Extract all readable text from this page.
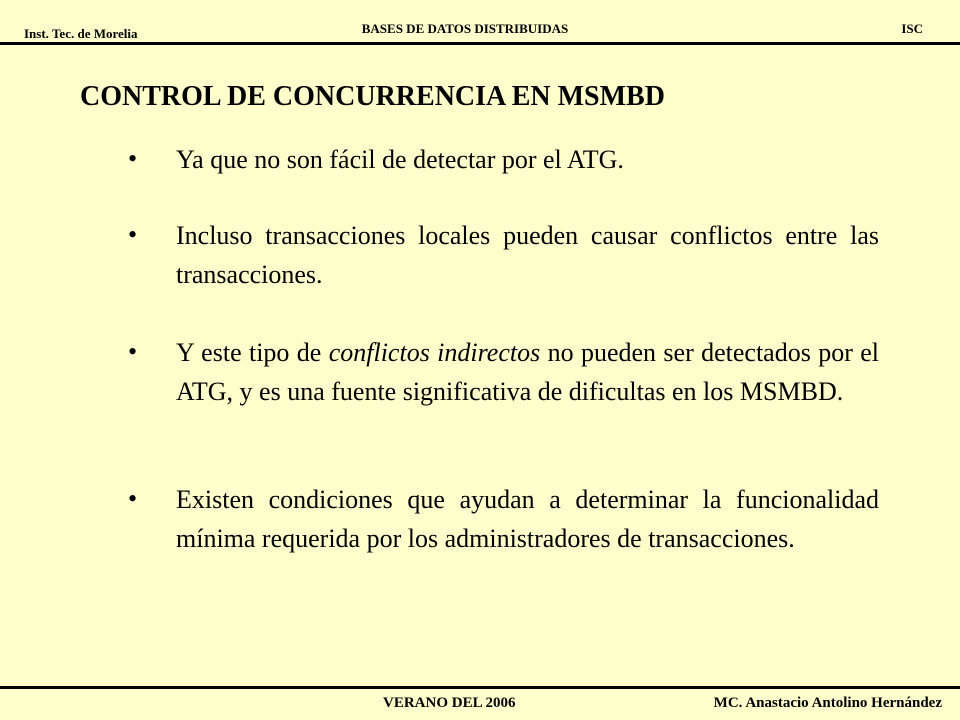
Inst. Tec. de Morelia	BASES DE DATOS DISTRIBUIDAS	ISC
CONTROL DE CONCURRENCIA EN MSMBD
• Ya que no son fácil de detectar por el ATG.
• Incluso transacciones locales pueden causar conflictos entre las transacciones.
• Y este tipo de conflictos indirectos no pueden ser detectados por el ATG, y es una fuente significativa de dificultas en los MSMBD.
• Existen condiciones que ayudan a determinar la funcionalidad mínima requerida por los administradores de transacciones.
VERANO DEL 2006	MC. Anastacio Antolino Hernández
